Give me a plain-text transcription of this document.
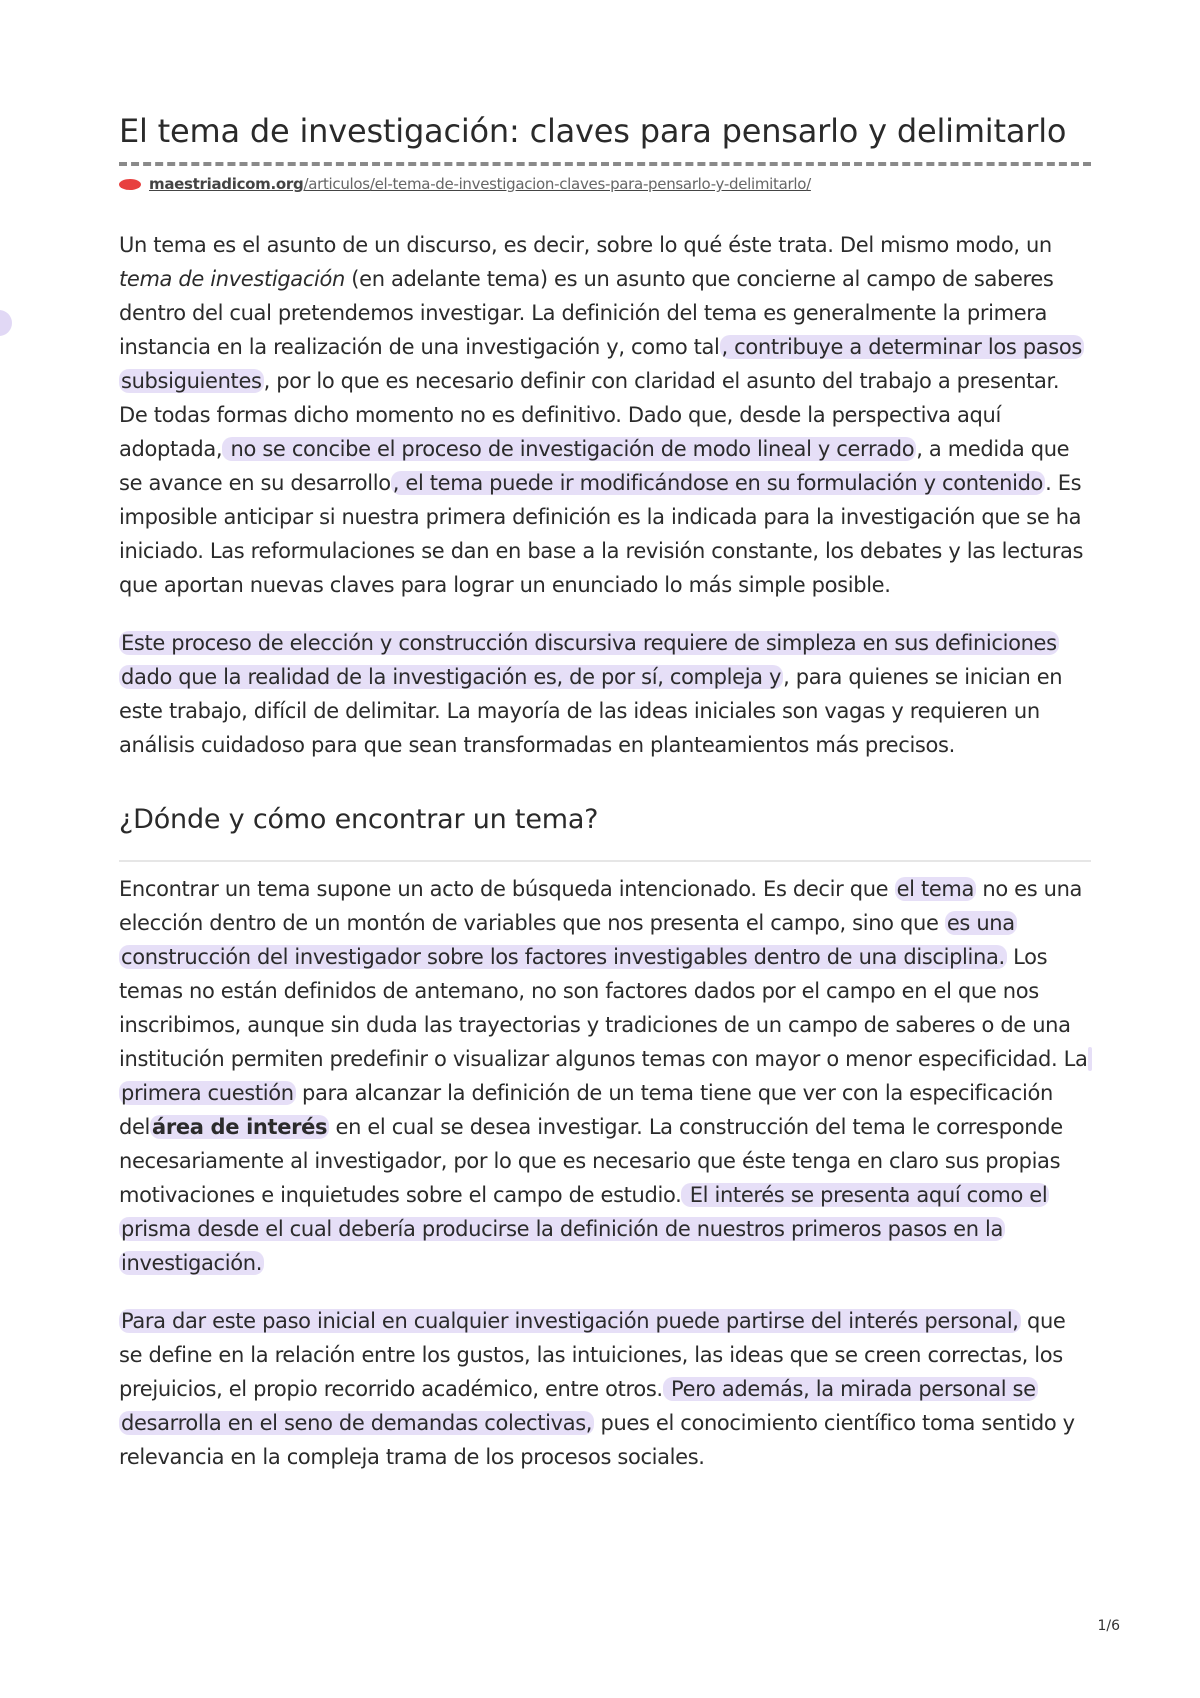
El tema de investigación: claves para pensarlo y delimitarlo
maestriadicom.org/articulos/el-tema-de-investigacion-claves-para-pensarlo-y-delimitarlo/

Un tema es el asunto de un discurso, es decir, sobre lo qué éste trata. Del mismo modo, un tema de investigación (en adelante tema) es un asunto que concierne al campo de saberes dentro del cual pretendemos investigar. La definición del tema es generalmente la primera instancia en la realización de una investigación y, como tal, contribuye a determinar los pasos subsiguientes, por lo que es necesario definir con claridad el asunto del trabajo a presentar. De todas formas dicho momento no es definitivo. Dado que, desde la perspectiva aquí adoptada, no se concibe el proceso de investigación de modo lineal y cerrado, a medida que se avance en su desarrollo, el tema puede ir modificándose en su formulación y contenido. Es imposible anticipar si nuestra primera definición es la indicada para la investigación que se ha iniciado. Las reformulaciones se dan en base a la revisión constante, los debates y las lecturas que aportan nuevas claves para lograr un enunciado lo más simple posible.

Este proceso de elección y construcción discursiva requiere de simpleza en sus definiciones dado que la realidad de la investigación es, de por sí, compleja y, para quienes se inician en este trabajo, difícil de delimitar. La mayoría de las ideas iniciales son vagas y requieren un análisis cuidadoso para que sean transformadas en planteamientos más precisos.

¿Dónde y cómo encontrar un tema?

Encontrar un tema supone un acto de búsqueda intencionado. Es decir que el tema no es una elección dentro de un montón de variables que nos presenta el campo, sino que es una construcción del investigador sobre los factores investigables dentro de una disciplina. Los temas no están definidos de antemano, no son factores dados por el campo en el que nos inscribimos, aunque sin duda las trayectorias y tradiciones de un campo de saberes o de una institución permiten predefinir o visualizar algunos temas con mayor o menor especificidad. La primera cuestión para alcanzar la definición de un tema tiene que ver con la especificación delárea de interés en el cual se desea investigar. La construcción del tema le corresponde necesariamente al investigador, por lo que es necesario que éste tenga en claro sus propias motivaciones e inquietudes sobre el campo de estudio. El interés se presenta aquí como el prisma desde el cual debería producirse la definición de nuestros primeros pasos en la investigación.

Para dar este paso inicial en cualquier investigación puede partirse del interés personal, que se define en la relación entre los gustos, las intuiciones, las ideas que se creen correctas, los prejuicios, el propio recorrido académico, entre otros. Pero además, la mirada personal se desarrolla en el seno de demandas colectivas, pues el conocimiento científico toma sentido y relevancia en la compleja trama de los procesos sociales.

1/6
